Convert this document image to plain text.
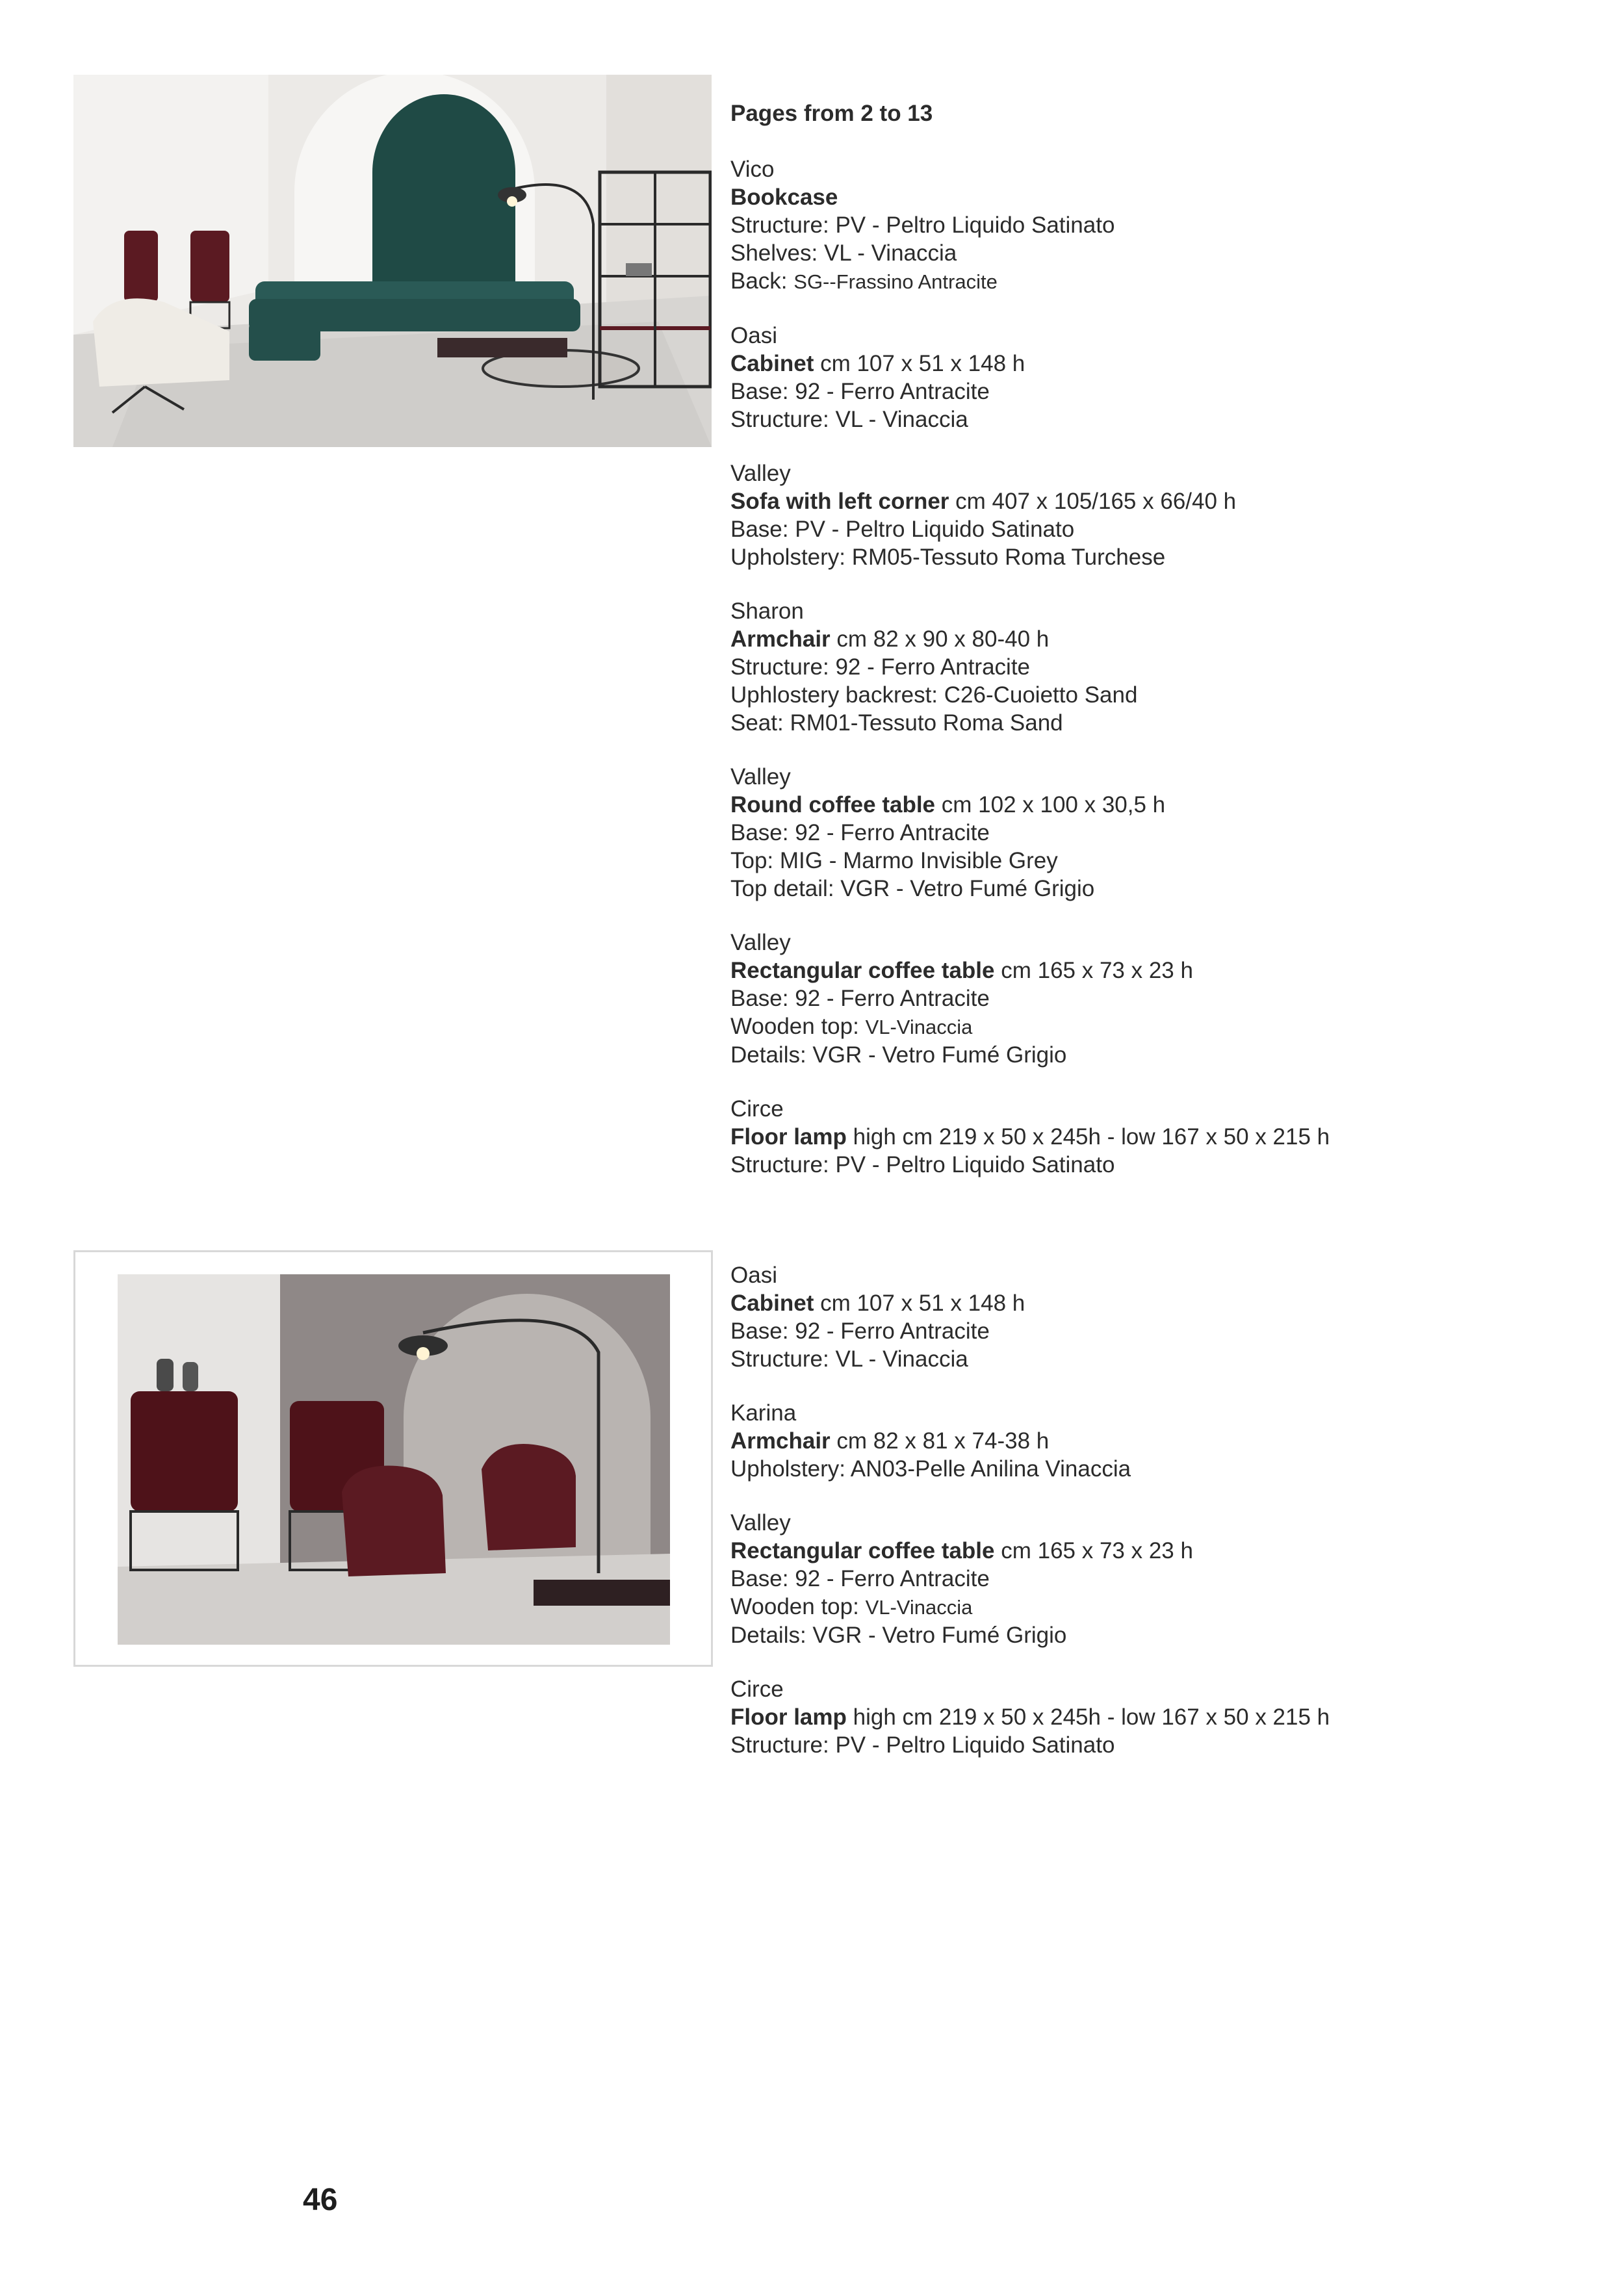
Pages from 2 to 13

Vico

Bookcase

Structure: PV - Peltro Liquido Satinato

Shelves: VL - Vinaccia

Back: SG--Frassino Antracite

Oasi

Cabinet cm 107 x 51 x 148 h

Base: 92 - Ferro Antracite

Structure: VL - Vinaccia

Valley

Sofa with left corner cm 407 x 105/165 x 66/40 h

Base: PV - Peltro Liquido Satinato

Upholstery: RM05-Tessuto Roma Turchese

Sharon

Armchair cm 82 x 90 x 80-40 h

Structure: 92 - Ferro Antracite

Uphlostery backrest: C26-Cuoietto Sand

Seat: RM01-Tessuto Roma Sand

Valley

Round coffee table cm 102 x 100 x 30,5 h

Base: 92 - Ferro Antracite

Top: MIG - Marmo Invisible Grey

Top detail: VGR - Vetro Fumé Grigio

Valley

Rectangular coffee table cm 165 x 73 x 23 h

Base: 92 - Ferro Antracite

Wooden top: VL-Vinaccia

Details: VGR - Vetro Fumé Grigio

Circe

Floor lamp high cm 219 x 50 x 245h - low 167 x 50 x 215 h

Structure: PV - Peltro Liquido Satinato

Oasi

Cabinet cm 107 x 51 x 148 h

Base: 92 - Ferro Antracite

Structure: VL - Vinaccia

Karina

Armchair cm 82 x 81 x 74-38 h

Upholstery: AN03-Pelle Anilina Vinaccia

Valley

Rectangular coffee table cm 165 x 73 x 23 h

Base: 92 - Ferro Antracite

Wooden top: VL-Vinaccia

Details: VGR - Vetro Fumé Grigio

Circe

Floor lamp high cm 219 x 50 x 245h - low 167 x 50 x 215 h

Structure: PV - Peltro Liquido Satinato

46
